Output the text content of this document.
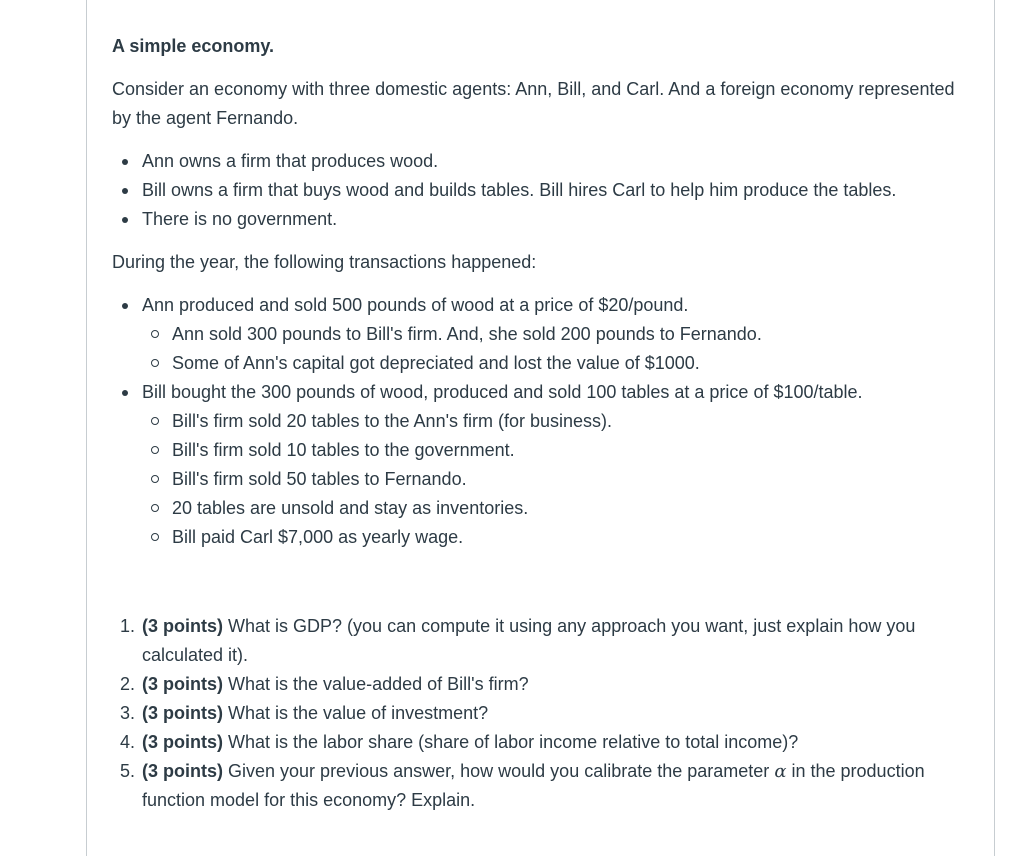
A simple economy.

Consider an economy with three domestic agents: Ann, Bill, and Carl. And a foreign economy represented by the agent Fernando.

Ann owns a firm that produces wood.
Bill owns a firm that buys wood and builds tables. Bill hires Carl to help him produce the tables.
There is no government.

During the year, the following transactions happened:

Ann produced and sold 500 pounds of wood at a price of $20/pound.
Ann sold 300 pounds to Bill's firm. And, she sold 200 pounds to Fernando.
Some of Ann's capital got depreciated and lost the value of $1000.
Bill bought the 300 pounds of wood, produced and sold 100 tables at a price of $100/table.
Bill's firm sold 20 tables to the Ann's firm (for business).
Bill's firm sold 10 tables to the government.
Bill's firm sold 50 tables to Fernando.
20 tables are unsold and stay as inventories.
Bill paid Carl $7,000 as yearly wage.
1. (3 points) What is GDP? (you can compute it using any approach you want, just explain how you calculated it).
2. (3 points) What is the value-added of Bill's firm?
3. (3 points) What is the value of investment?
4. (3 points) What is the labor share (share of labor income relative to total income)?
5. (3 points) Given your previous answer, how would you calibrate the parameter α in the production function model for this economy? Explain.
